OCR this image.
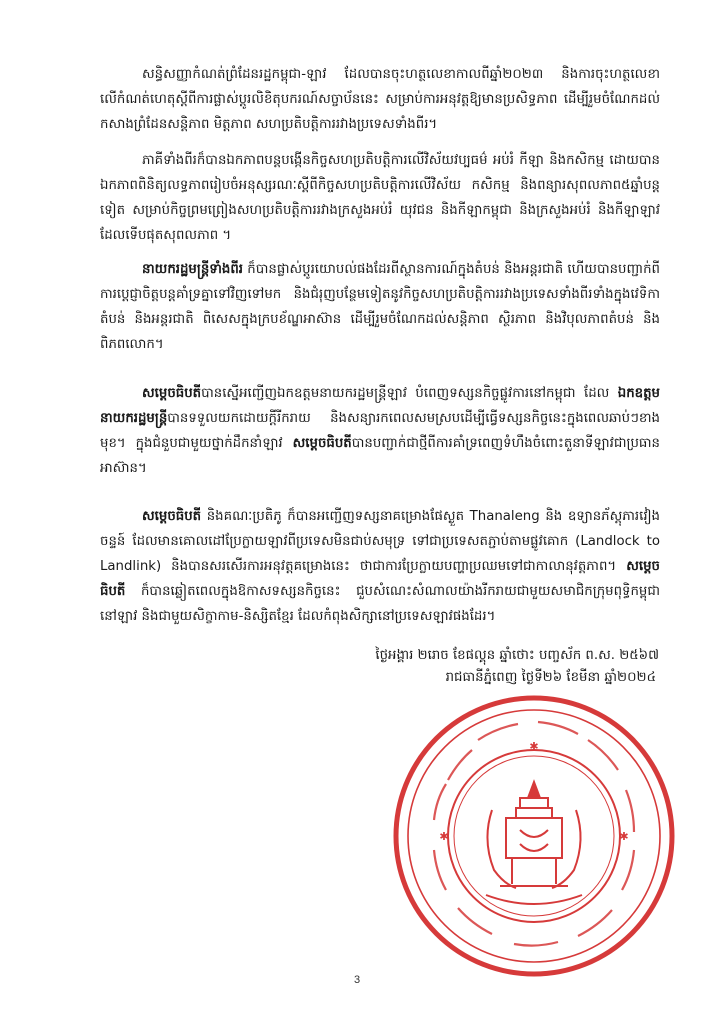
សន្ធិសញ្ញាកំណត់ព្រំដែនរដ្ឋកម្ពុជា-ឡាវ ដែលបានចុះហត្ថលេខាកាលពីឆ្នាំ២០២៣ និងការចុះហត្ថលេខាលើកំណត់ហេតុស្តីពីការផ្លាស់ប្តូរលិខិតុបករណ៍សច្ចាប័ននេះ សម្រាប់ការអនុវត្តឱ្យមានប្រសិទ្ធភាព ដើម្បីរួមចំណែកដល់កសាងព្រំដែនសន្តិភាព មិត្តភាព សហប្រតិបត្តិការរវាងប្រទេសទាំងពីរ។

ភាគីទាំងពីរក៏បានឯកភាពបន្តបង្កើនកិច្ចសហប្រតិបត្តិការលើវិស័យវប្បធម៌ អប់រំ កីឡា និងកសិកម្ម ដោយបានឯកភាពពិនិត្យលទ្ធភាពរៀបចំអនុស្សរណៈស្តីពីកិច្ចសហប្រតិបត្តិការលើវិស័យ កសិកម្ម និងពន្យារសុពលភាព៥ឆ្នាំបន្តទៀត សម្រាប់កិច្ចព្រមព្រៀងសហប្រតិបត្តិការរវាងក្រសួងអប់រំ យុវជន និងកីឡាកម្ពុជា និងក្រសួងអប់រំ និងកីឡាឡាវដែលទើបផុតសុពលភាព ។

នាយករដ្ឋមន្ត្រីទាំងពីរ ក៏បានផ្លាស់ប្តូរយោបល់ផងដែរពីស្ថានការណ៍ក្នុងតំបន់ និងអន្តរជាតិ ហើយបានបញ្ជាក់ពីការប្តេជ្ញាចិត្តបន្តគាំទ្រគ្នាទៅវិញទៅមក និងជំរុញបន្ថែមទៀតនូវកិច្ចសហប្រតិបត្តិការរវាងប្រទេសទាំងពីរទាំងក្នុងវេទិកាតំបន់ និងអន្តរជាតិ ពិសេសក្នុងក្របខ័ណ្ឌអាស៊ាន ដើម្បីរួមចំណែកដល់សន្តិភាព ស្ថិរភាព និងវិបុលភាពតំបន់ និងពិភពលោក។

សម្តេចធិបតីបានស្នើអញ្ជើញឯកឧត្តមនាយករដ្ឋមន្ត្រីឡាវ បំពេញទស្សនកិច្ចផ្លូវការនៅកម្ពុជា ដែល ឯកឧត្តមនាយករដ្ឋមន្ត្រីបានទទួលយកដោយក្តីរីករាយ និងសន្យារកពេលសមស្របដើម្បីធ្វើទស្សនកិច្ចនេះក្នុងពេលឆាប់ៗខាងមុខ។ ក្នុងជំនួបជាមួយថ្នាក់ដឹកនាំឡាវ សម្តេចធិបតីបានបញ្ជាក់ជាថ្មីពីការគាំទ្រពេញទំហឹងចំពោះតួនាទីឡាវជាប្រធានអាស៊ាន។

សម្តេចធិបតី និងគណៈប្រតិភូ ក៏បានអញ្ជើញទស្សនាគម្រោងផែស្ងួត Thanaleng និង ឧទ្យានភ័ស្តុភារវៀងចន្ទន៍ ដែលមានគោលដៅប្រែក្លាយឡាវពីប្រទេសមិនជាប់សមុទ្រ ទៅជាប្រទេសតភ្ជាប់តាមផ្លូវគោក (Landlock to Landlink) និងបានសរសើរការអនុវត្តគម្រោងនេះ ថាជាការប្រែក្លាយបញ្ហាប្រឈមទៅជាកាលានុវត្តភាព។ សម្តេចធិបតី ក៏បានឆ្លៀតពេលក្នុងឱកាសទស្សនកិច្ចនេះ ជួបសំណេះសំណាលយ៉ាងរីករាយជាមួយសមាជិកក្រុមពុទ្ធិកម្ពុជានៅឡាវ និងជាមួយសិក្ខាកាម-និស្សិតខ្មែរ ដែលកំពុងសិក្សានៅប្រទេសឡាវផងដែរ។

ថ្ងៃអង្គារ ២រោច ខែផល្គុន ឆ្នាំថោះ បញ្ចស័ក ព.ស. ២៥៦៧
រាជធានីភ្នំពេញ ថ្ងៃទី២៦ ខែមីនា ឆ្នាំ២០២៤
✱
✱	✱
3
